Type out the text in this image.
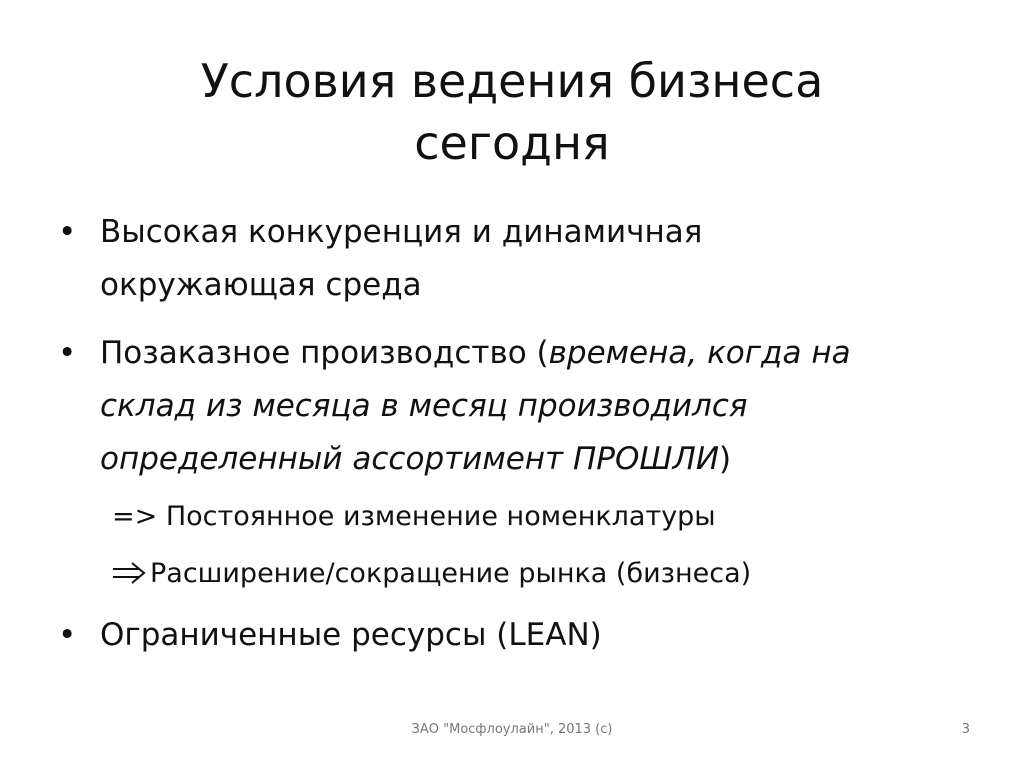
Условия ведения бизнеса
сегодня
• Высокая конкуренция и динамичная
окружающая среда
• Позаказное производство (времена, когда на
склад из месяца в месяц производился
определенный ассортимент ПРОШЛИ)
=> Постоянное изменение номенклатуры
Расширение/сокращение рынка (бизнеса)
• Ограниченные ресурсы (LEAN)
ЗАО "Мосфлоулайн", 2013 (c)	3
